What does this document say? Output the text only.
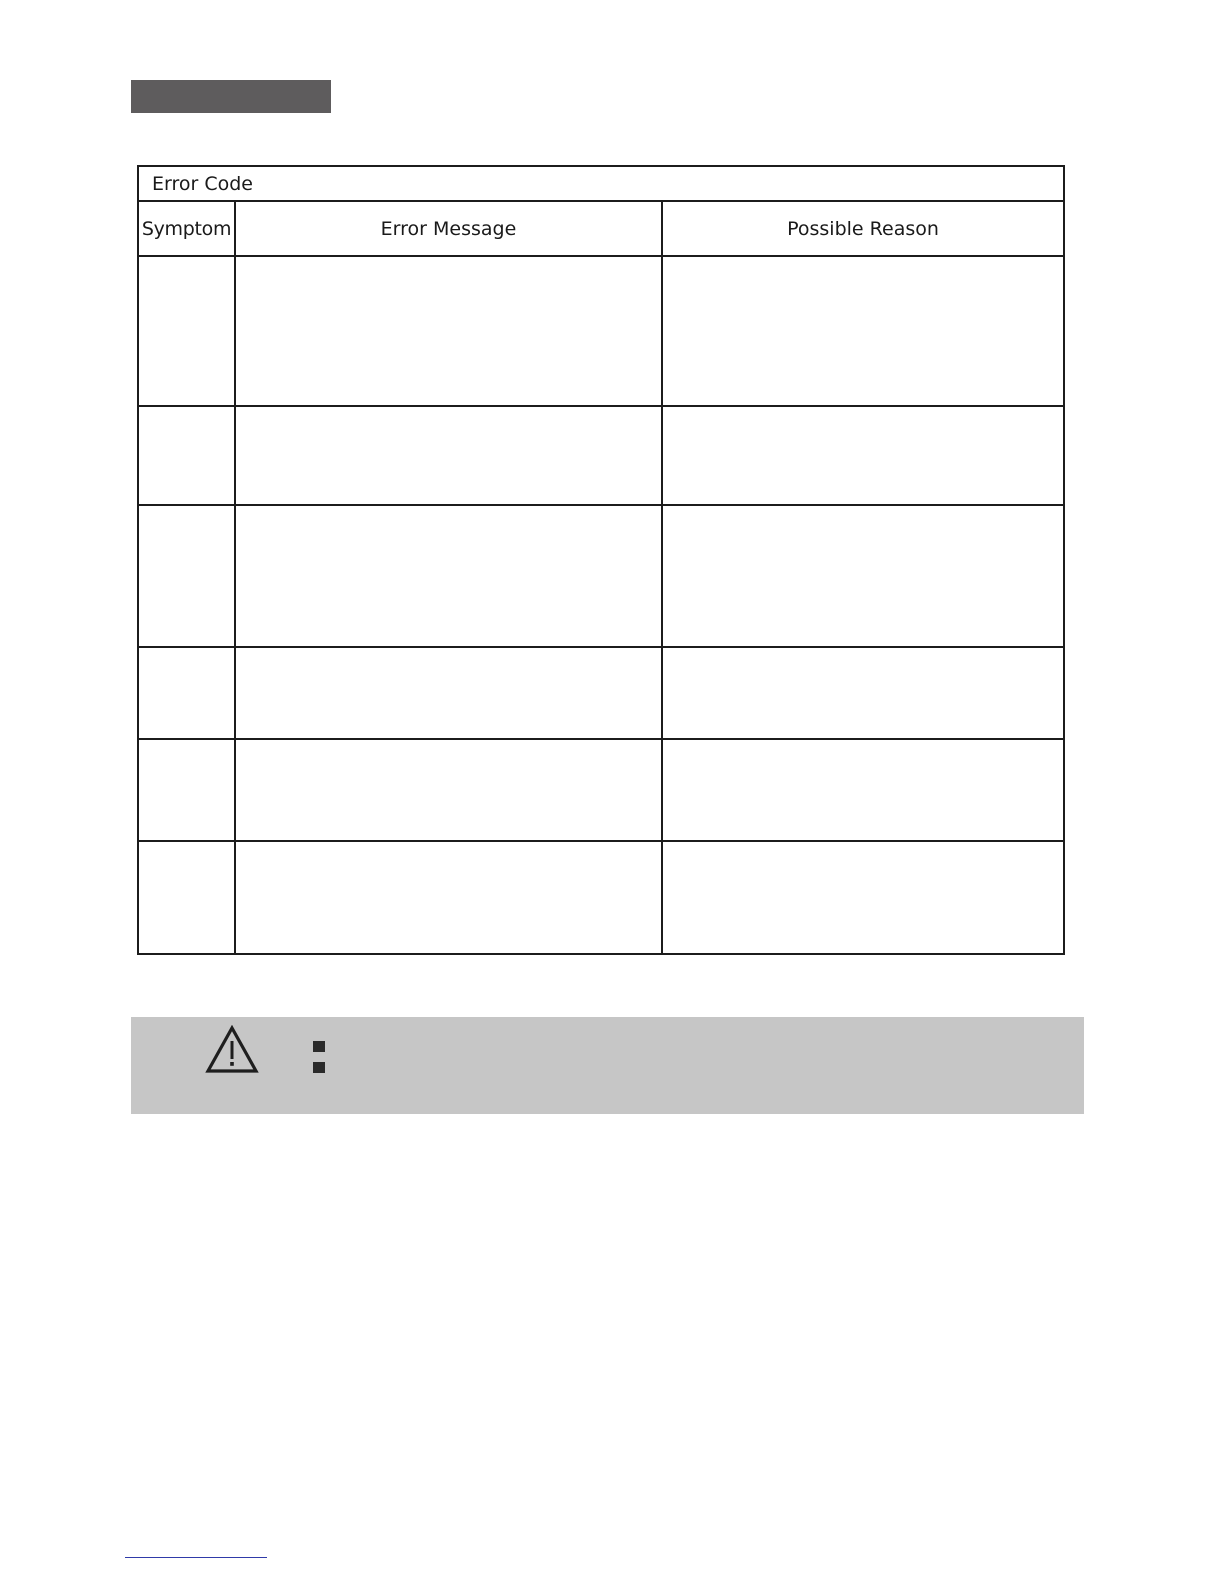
Error Code		
Symptom	Error Message	Possible Reason
